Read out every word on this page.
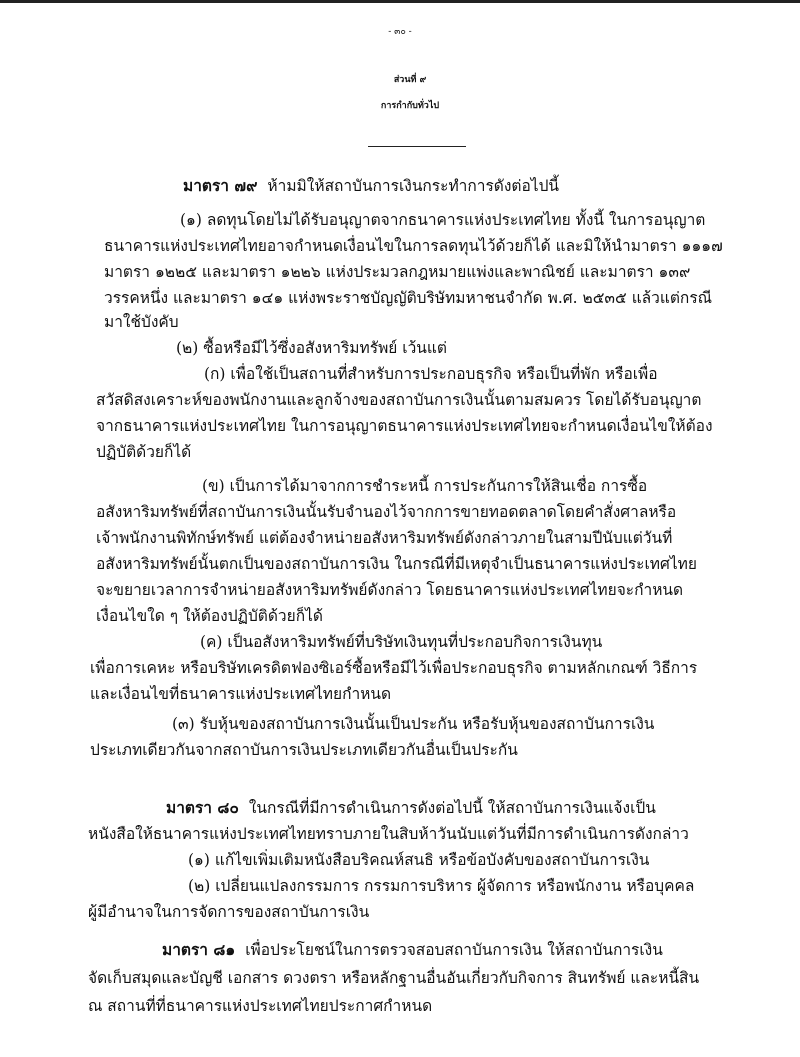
- ๓๐ -
ส่วนที่ ๙
การกำกับทั่วไป
มาตรา ๗๙ ห้ามมิให้สถาบันการเงินกระทำการดังต่อไปนี้
(๑) ลดทุนโดยไม่ได้รับอนุญาตจากธนาคารแห่งประเทศไทย ทั้งนี้ ในการอนุญาต
ธนาคารแห่งประเทศไทยอาจกำหนดเงื่อนไขในการลดทุนไว้ด้วยก็ได้ และมิให้นำมาตรา ๑๑๑๗
มาตรา ๑๒๒๕ และมาตรา ๑๒๒๖ แห่งประมวลกฎหมายแพ่งและพาณิชย์ และมาตรา ๑๓๙
วรรคหนึ่ง และมาตรา ๑๔๑ แห่งพระราชบัญญัติบริษัทมหาชนจำกัด พ.ศ. ๒๕๓๕ แล้วแต่กรณี
มาใช้บังคับ
(๒) ซื้อหรือมีไว้ซึ่งอสังหาริมทรัพย์ เว้นแต่
(ก) เพื่อใช้เป็นสถานที่สำหรับการประกอบธุรกิจ หรือเป็นที่พัก หรือเพื่อ
สวัสดิสงเคราะห์ของพนักงานและลูกจ้างของสถาบันการเงินนั้นตามสมควร โดยได้รับอนุญาต
จากธนาคารแห่งประเทศไทย ในการอนุญาตธนาคารแห่งประเทศไทยจะกำหนดเงื่อนไขให้ต้อง
ปฏิบัติด้วยก็ได้
(ข) เป็นการได้มาจากการชำระหนี้ การประกันการให้สินเชื่อ การซื้อ
อสังหาริมทรัพย์ที่สถาบันการเงินนั้นรับจำนองไว้จากการขายทอดตลาดโดยคำสั่งศาลหรือ
เจ้าพนักงานพิทักษ์ทรัพย์ แต่ต้องจำหน่ายอสังหาริมทรัพย์ดังกล่าวภายในสามปีนับแต่วันที่
อสังหาริมทรัพย์นั้นตกเป็นของสถาบันการเงิน ในกรณีที่มีเหตุจำเป็นธนาคารแห่งประเทศไทย
จะขยายเวลาการจำหน่ายอสังหาริมทรัพย์ดังกล่าว โดยธนาคารแห่งประเทศไทยจะกำหนด
เงื่อนไขใด ๆ ให้ต้องปฏิบัติด้วยก็ได้
(ค) เป็นอสังหาริมทรัพย์ที่บริษัทเงินทุนที่ประกอบกิจการเงินทุน
เพื่อการเคหะ หรือบริษัทเครดิตฟองซิเอร์ซื้อหรือมีไว้เพื่อประกอบธุรกิจ ตามหลักเกณฑ์ วิธีการ
และเงื่อนไขที่ธนาคารแห่งประเทศไทยกำหนด
(๓) รับหุ้นของสถาบันการเงินนั้นเป็นประกัน หรือรับหุ้นของสถาบันการเงิน
ประเภทเดียวกันจากสถาบันการเงินประเภทเดียวกันอื่นเป็นประกัน
มาตรา ๘๐ ในกรณีที่มีการดำเนินการดังต่อไปนี้ ให้สถาบันการเงินแจ้งเป็น
หนังสือให้ธนาคารแห่งประเทศไทยทราบภายในสิบห้าวันนับแต่วันที่มีการดำเนินการดังกล่าว
(๑) แก้ไขเพิ่มเติมหนังสือบริคณห์สนธิ หรือข้อบังคับของสถาบันการเงิน
(๒) เปลี่ยนแปลงกรรมการ กรรมการบริหาร ผู้จัดการ หรือพนักงาน หรือบุคคล
ผู้มีอำนาจในการจัดการของสถาบันการเงิน
มาตรา ๘๑ เพื่อประโยชน์ในการตรวจสอบสถาบันการเงิน ให้สถาบันการเงิน
จัดเก็บสมุดและบัญชี เอกสาร ดวงตรา หรือหลักฐานอื่นอันเกี่ยวกับกิจการ สินทรัพย์ และหนี้สิน
ณ สถานที่ที่ธนาคารแห่งประเทศไทยประกาศกำหนด
